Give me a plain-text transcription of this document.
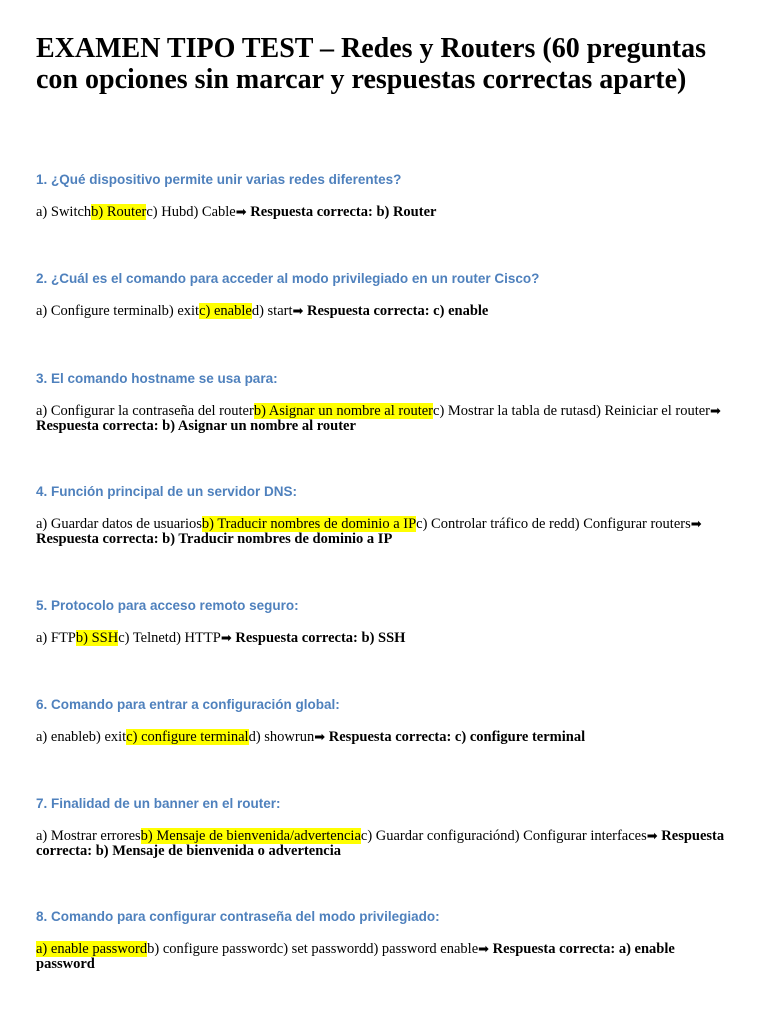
EXAMEN TIPO TEST – Redes y Routers (60 preguntas con opciones sin marcar y respuestas correctas aparte)

1. ¿Qué dispositivo permite unir varias redes diferentes?

a) Switchb) Routerc) Hubd) Cable➡ Respuesta correcta: b) Router

2. ¿Cuál es el comando para acceder al modo privilegiado en un router Cisco?

a) Configure terminalb) exitc) enabled) start➡ Respuesta correcta: c) enable

3. El comando hostname se usa para:

a) Configurar la contraseña del routerb) Asignar un nombre al routerc) Mostrar la tabla de rutasd) Reiniciar el router➡ Respuesta correcta: b) Asignar un nombre al router

4. Función principal de un servidor DNS:

a) Guardar datos de usuariosb) Traducir nombres de dominio a IPc) Controlar tráfico de redd) Configurar routers➡ Respuesta correcta: b) Traducir nombres de dominio a IP

5. Protocolo para acceso remoto seguro:

a) FTPb) SSHc) Telnetd) HTTP➡ Respuesta correcta: b) SSH

6. Comando para entrar a configuración global:

a) enableb) exitc) configure terminald) showrun➡ Respuesta correcta: c) configure terminal

7. Finalidad de un banner en el router:

a) Mostrar erroresb) Mensaje de bienvenida/advertenciac) Guardar configuraciónd) Configurar interfaces➡ Respuesta correcta: b) Mensaje de bienvenida o advertencia

8. Comando para configurar contraseña del modo privilegiado:

a) enable passwordb) configure passwordc) set passwordd) password enable➡ Respuesta correcta: a) enable password
